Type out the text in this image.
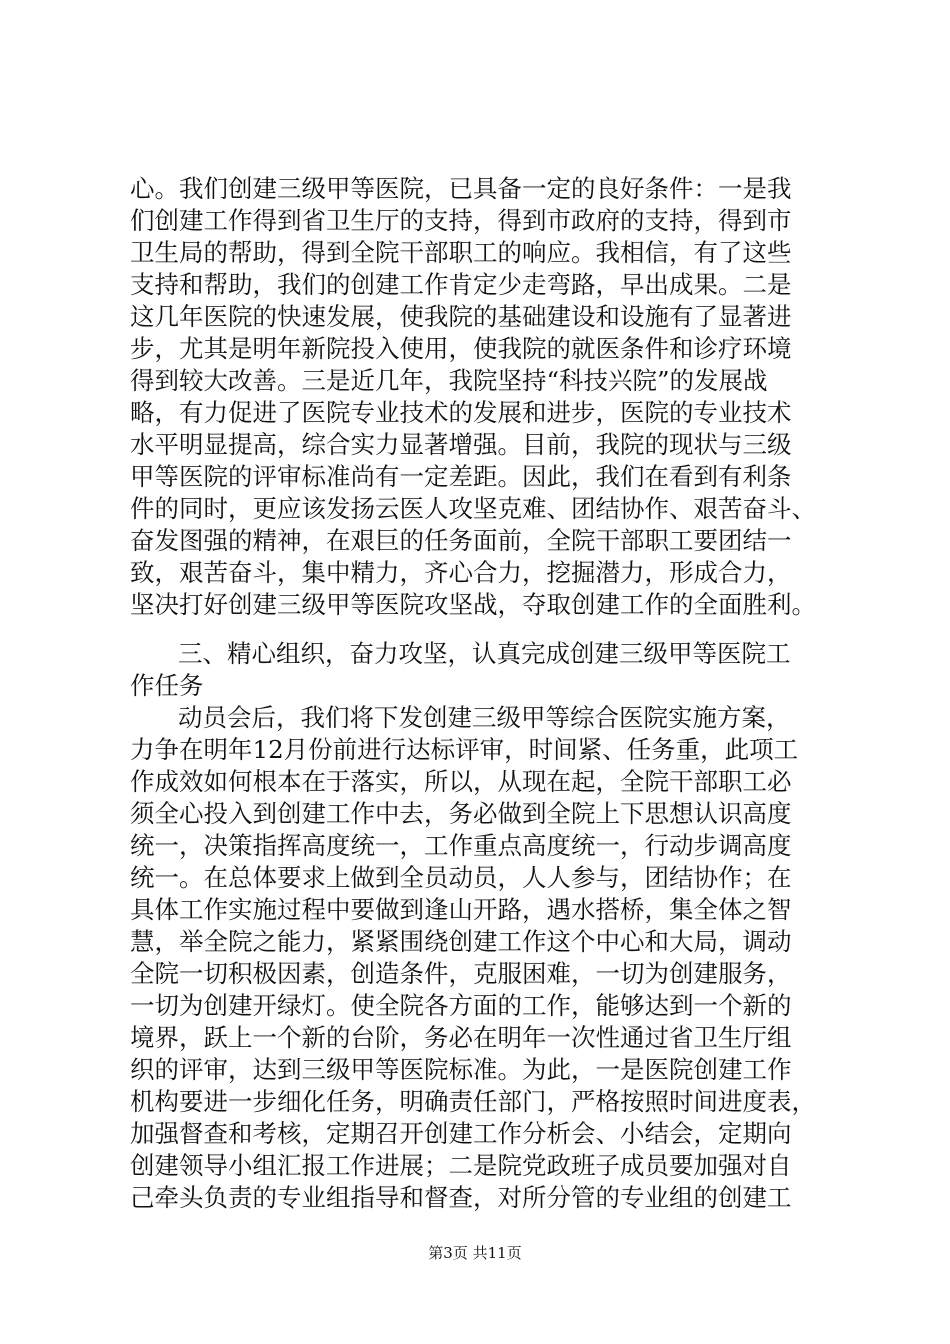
心。我们创建三级甲等医院，已具备一定的良好条件：一是我
们创建工作得到省卫生厅的支持，得到市政府的支持，得到市
卫生局的帮助，得到全院干部职工的响应。我相信，有了这些
支持和帮助，我们的创建工作肯定少走弯路，早出成果。二是
这几年医院的快速发展，使我院的基础建设和设施有了显著进
步，尤其是明年新院投入使用，使我院的就医条件和诊疗环境
得到较大改善。三是近几年，我院坚持“科技兴院”的发展战
略，有力促进了医院专业技术的发展和进步，医院的专业技术
水平明显提高，综合实力显著增强。目前，我院的现状与三级
甲等医院的评审标准尚有一定差距。因此，我们在看到有利条
件的同时，更应该发扬云医人攻坚克难、团结协作、艰苦奋斗、
奋发图强的精神，在艰巨的任务面前，全院干部职工要团结一
致，艰苦奋斗，集中精力，齐心合力，挖掘潜力，形成合力，
坚决打好创建三级甲等医院攻坚战，夺取创建工作的全面胜利。
三、精心组织，奋力攻坚，认真完成创建三级甲等医院工
作任务
动员会后，我们将下发创建三级甲等综合医院实施方案，
力争在明年12月份前进行达标评审，时间紧、任务重，此项工
作成效如何根本在于落实，所以，从现在起，全院干部职工必
须全心投入到创建工作中去，务必做到全院上下思想认识高度
统一，决策指挥高度统一，工作重点高度统一，行动步调高度
统一。在总体要求上做到全员动员，人人参与，团结协作；在
具体工作实施过程中要做到逢山开路，遇水搭桥，集全体之智
慧，举全院之能力，紧紧围绕创建工作这个中心和大局，调动
全院一切积极因素，创造条件，克服困难，一切为创建服务，
一切为创建开绿灯。使全院各方面的工作，能够达到一个新的
境界，跃上一个新的台阶，务必在明年一次性通过省卫生厅组
织的评审，达到三级甲等医院标准。为此，一是医院创建工作
机构要进一步细化任务，明确责任部门，严格按照时间进度表，
加强督查和考核，定期召开创建工作分析会、小结会，定期向
创建领导小组汇报工作进展；二是院党政班子成员要加强对自
己牵头负责的专业组指导和督查，对所分管的专业组的创建工
第3页 共11页
